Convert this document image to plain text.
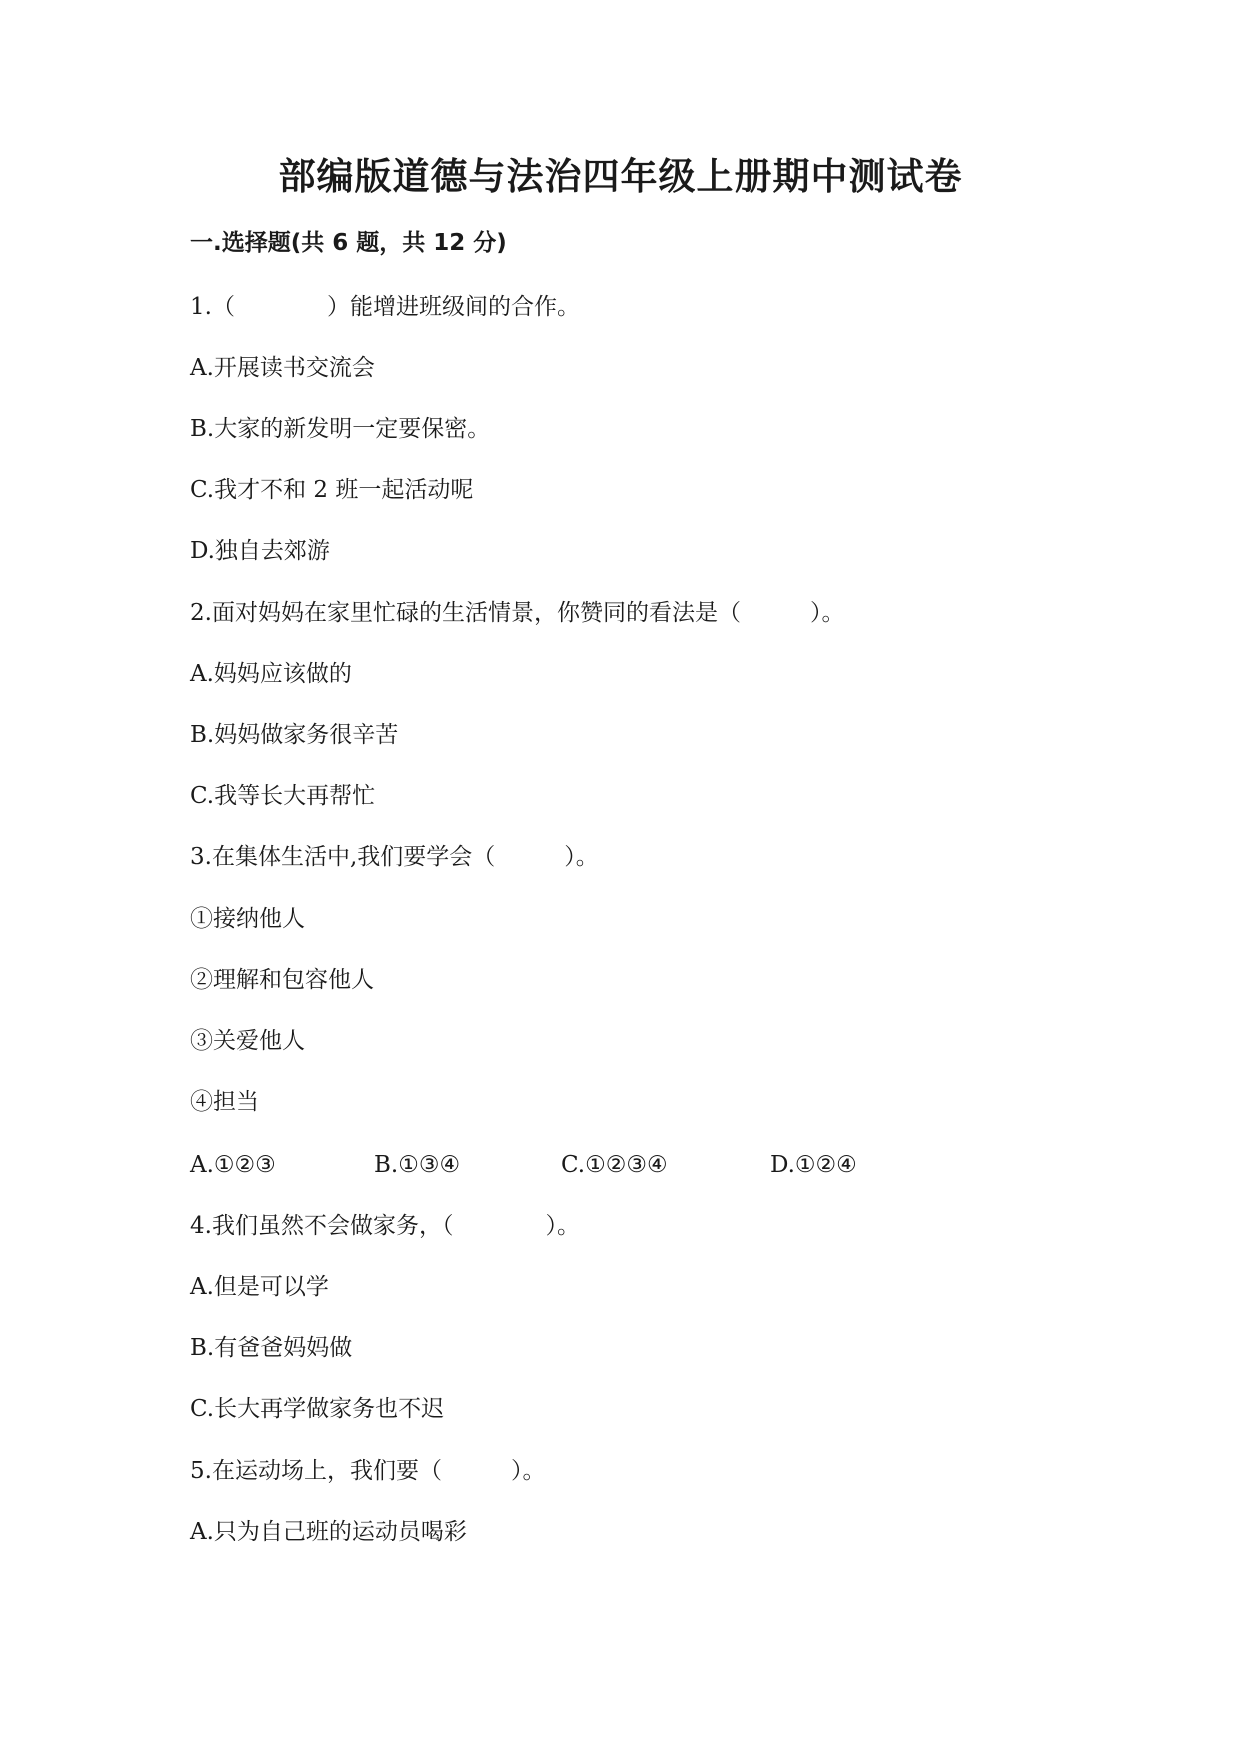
部编版道德与法治四年级上册期中测试卷
一.选择题(共 6 题，共 12 分)
1.（　　　　）能增进班级间的合作。
A.开展读书交流会
B.大家的新发明一定要保密。
C.我才不和 2 班一起活动呢
D.独自去郊游
2.面对妈妈在家里忙碌的生活情景，你赞同的看法是（　　　）。
A.妈妈应该做的
B.妈妈做家务很辛苦
C.我等长大再帮忙
3.在集体生活中,我们要学会（　　　）。
①接纳他人
②理解和包容他人
③关爱他人
④担当
A.①②③	B.①③④	C.①②③④	D.①②④
4.我们虽然不会做家务，（　　　　）。
A.但是可以学
B.有爸爸妈妈做
C.长大再学做家务也不迟
5.在运动场上，我们要（　　　）。
A.只为自己班的运动员喝彩
